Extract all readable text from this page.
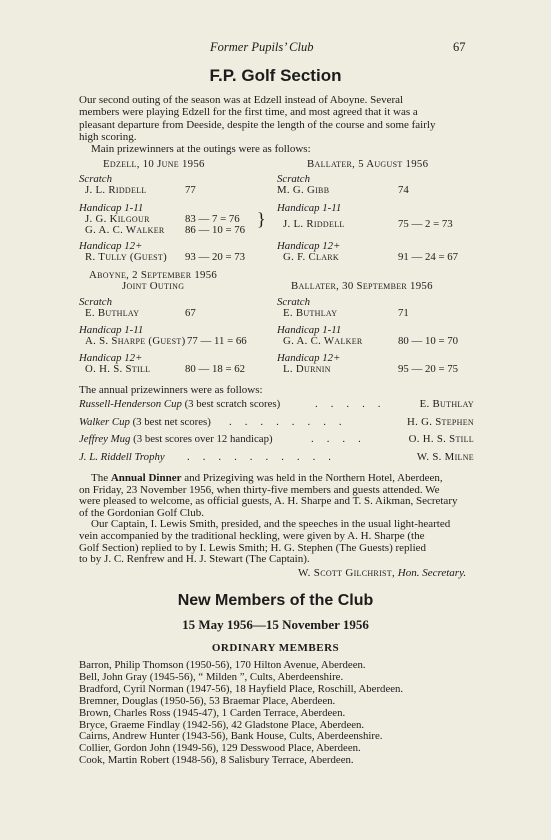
Former Pupils’ Club	67
F.P. Golf Section
Our second outing of the season was at Edzell instead of Aboyne. Several
members were playing Edzell for the first time, and most agreed that it was a
pleasant departure from Deeside, despite the length of the course and some fairly
high scoring.
Main prizewinners at the outings were as follows:
Edzell, 10 June 1956
Scratch
J. L. Riddell	77
Handicap 1-11
J. G. Kilgour	83 — 7 = 76
G. A. C. Walker 86 — 10 = 76
}
Handicap 12+
R. Tully (Guest) 93 — 20 = 73
Ballater, 5 August 1956
Scratch
M. G. Gibb	74
Handicap 1-11
J. L. Riddell	75 — 2 = 73
Handicap 12+
G. F. Clark	91 — 24 = 67
Aboyne, 2 September 1956
Joint Outing
Scratch
E. Buthlay	67
Handicap 1-11
A. S. Sharpe (Guest) 77 — 11 = 66
Handicap 12+
O. H. S. Still	80 — 18 = 62
Ballater, 30 September 1956
Scratch
E. Buthlay	71
Handicap 1-11
G. A. C. Walker	80 — 10 = 70
Handicap 12+
L. Durnin	95 — 20 = 75
The annual prizewinners were as follows:
Russell-Henderson Cup (3 best scratch scores)	..... E. Buthlay
Walker Cup (3 best net scores) ........	H. G. Stephen
Jeffrey Mug (3 best scores over 12 handicap)	....	O. H. S. Still
J. L. Riddell Trophy ..........	W. S. Milne
The Annual Dinner and Prizegiving was held in the Northern Hotel, Aberdeen,
on Friday, 23 November 1956, when thirty-five members and guests attended. We
were pleased to welcome, as official guests, A. H. Sharpe and T. S. Aikman, Secretary
of the Gordonian Golf Club.
Our Captain, I. Lewis Smith, presided, and the speeches in the usual light-hearted
vein accompanied by the traditional heckling, were given by A. H. Sharpe (the
Golf Section) replied to by I. Lewis Smith; H. G. Stephen (The Guests) replied
to by J. C. Renfrew and H. J. Stewart (The Captain).
W. Scott Gilchrist, Hon. Secretary.
New Members of the Club
15 May 1956—15 November 1956
ORDINARY MEMBERS
Barron, Philip Thomson (1950-56), 170 Hilton Avenue, Aberdeen.
Bell, John Gray (1945-56), “ Milden ”, Cults, Aberdeenshire.
Bradford, Cyril Norman (1947-56), 18 Hayfield Place, Roschill, Aberdeen.
Bremner, Douglas (1950-56), 53 Braemar Place, Aberdeen.
Brown, Charles Ross (1945-47), 1 Carden Terrace, Aberdeen.
Bryce, Graeme Findlay (1942-56), 42 Gladstone Place, Aberdeen.
Cairns, Andrew Hunter (1943-56), Bank House, Cults, Aberdeenshire.
Collier, Gordon John (1949-56), 129 Desswood Place, Aberdeen.
Cook, Martin Robert (1948-56), 8 Salisbury Terrace, Aberdeen.
